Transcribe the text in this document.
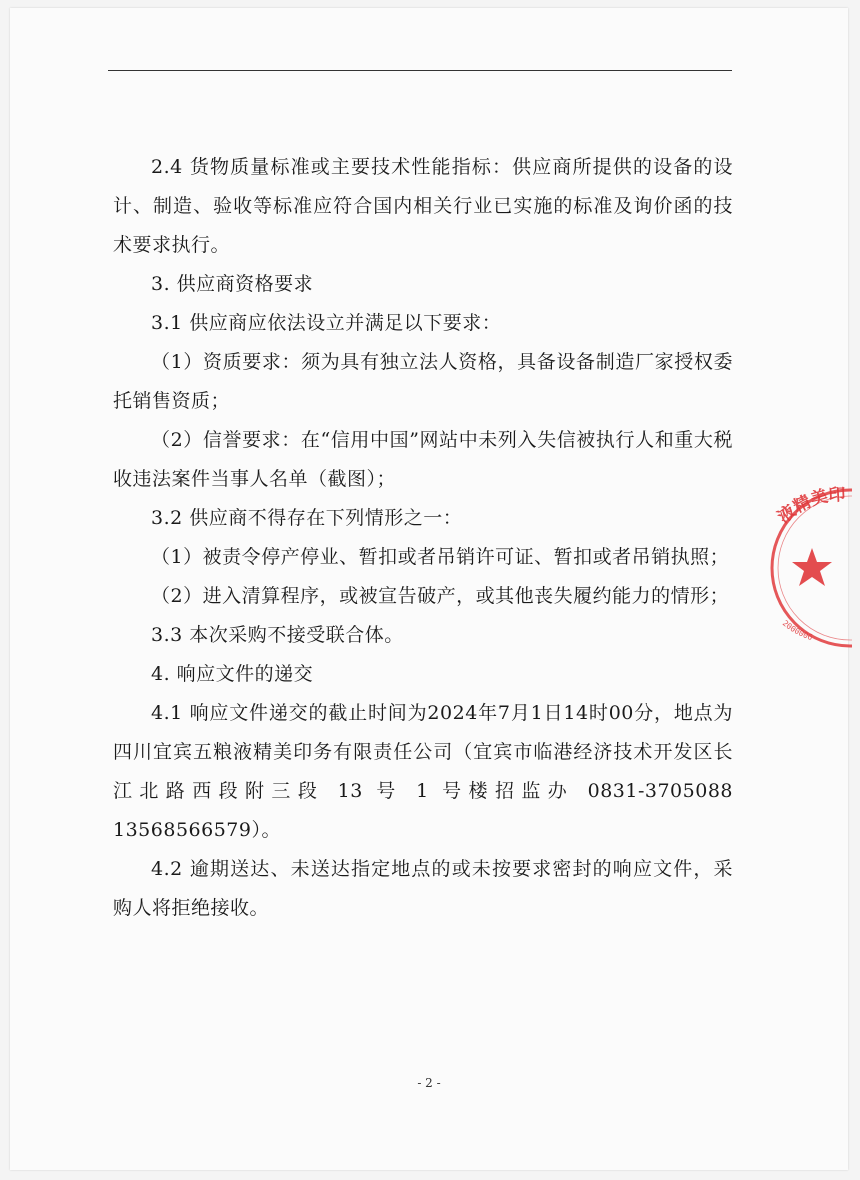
2.4 货物质量标准或主要技术性能指标：供应商所提供的设备的设计、制造、验收等标准应符合国内相关行业已实施的标准及询价函的技术要求执行。

3. 供应商资格要求

3.1 供应商应依法设立并满足以下要求：

（1）资质要求：须为具有独立法人资格，具备设备制造厂家授权委托销售资质；

（2）信誉要求：在“信用中国”网站中未列入失信被执行人和重大税收违法案件当事人名单（截图）；

3.2 供应商不得存在下列情形之一：

（1）被责令停产停业、暂扣或者吊销许可证、暂扣或者吊销执照；

（2）进入清算程序，或被宣告破产，或其他丧失履约能力的情形；

3.3 本次采购不接受联合体。

4. 响应文件的递交

4.1 响应文件递交的截止时间为2024年7月1日14时00分，地点为四川宜宾五粮液精美印务有限责任公司（宜宾市临港经济技术开发区长江北路西段附三段 13 号 1 号楼招监办 0831-3705088　13568566579）。

4.2 逾期送达、未送达指定地点的或未按要求密封的响应文件，采购人将拒绝接收。

- 2 -
液精美印
2000006
